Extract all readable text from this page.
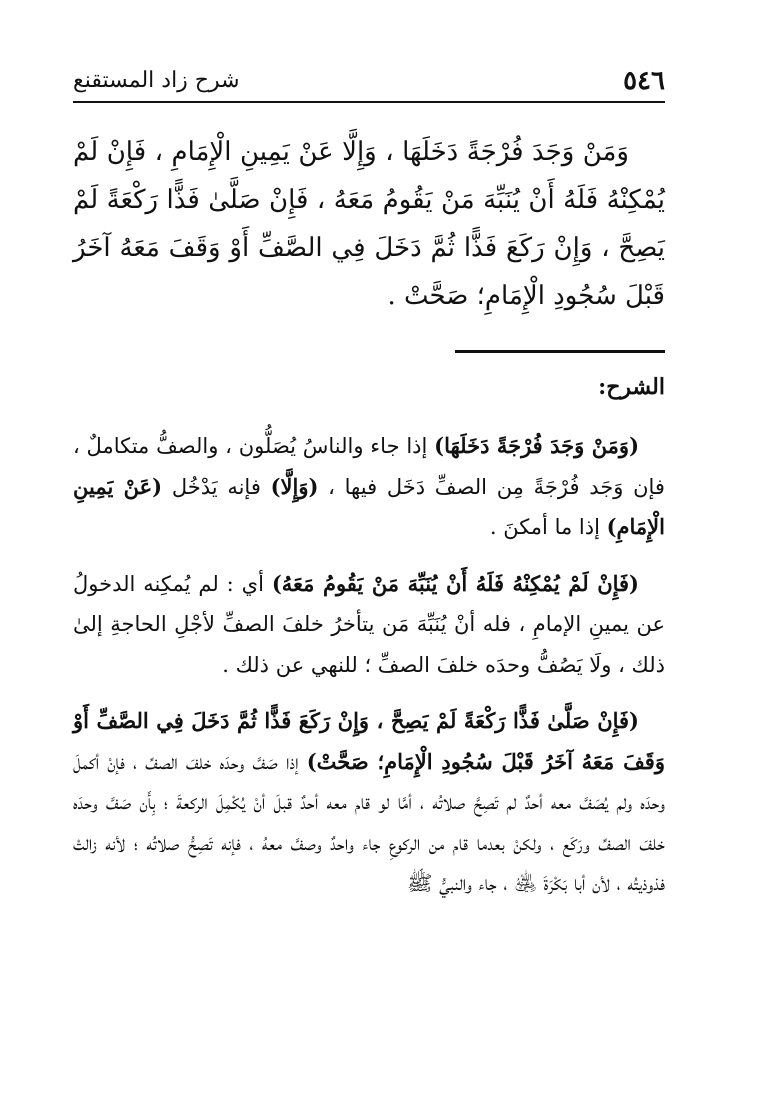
٥٤٦
شرح زاد المستقنع

وَمَنْ وَجَدَ فُرْجَةً دَخَلَهَا ، وَإِلَّا عَنْ يَمِينِ الْإِمَامِ ، فَإِنْ لَمْ يُمْكِنْهُ فَلَهُ أَنْ يُنَبِّهَ مَنْ يَقُومُ مَعَهُ ، فَإِنْ صَلَّىٰ فَذًّا رَكْعَةً لَمْ يَصِحَّ ، وَإِنْ رَكَعَ فَذًّا ثُمَّ دَخَلَ فِي الصَّفِّ أَوْ وَقَفَ مَعَهُ آخَرُ قَبْلَ سُجُودِ الْإِمَامِ؛ صَحَّتْ .

الشرح:

(وَمَنْ وَجَدَ فُرْجَةً دَخَلَهَا) إذا جاء والناسُ يُصَلُّون ، والصفُّ متكاملٌ ، فإن وَجَد فُرْجَةً مِن الصفِّ دَخَل فيها ، (وَإِلَّا) فإنه يَدْخُل (عَنْ يَمِينِ الْإِمَامِ) إذا ما أمكنَ .

(فَإِنْ لَمْ يُمْكِنْهُ فَلَهُ أَنْ يُنَبِّهَ مَنْ يَقُومُ مَعَهُ) أي : لم يُمكِنه الدخولُ عن يمينِ الإمامِ ، فله أنْ يُنَبِّهَ مَن يتأخرُ خلفَ الصفِّ لأجْلِ الحاجةِ إلىٰ ذلك ، ولَا يَصُفُّ وحدَه خلفَ الصفِّ ؛ للنهي عن ذلك .

(فَإِنْ صَلَّىٰ فَذًّا رَكْعَةً لَمْ يَصِحَّ ، وَإِنْ رَكَعَ فَذًّا ثُمَّ دَخَلَ فِي الصَّفِّ أَوْ وَقَفَ مَعَهُ آخَرُ قَبْلَ سُجُودِ الْإِمَامِ؛ صَحَّتْ) إذا صَفَّ وحدَه خلفَ الصفِّ ، فإنْ أكملَ وحدَه ولم يُصَفَّ معه أحدٌ لم تَصِحَّ صلاتُه ، أمَّا لو قام معه أحدٌ قبلَ أنْ يُكْمِلَ الركعةَ ؛ بِأَن صَفَّ وحدَه خلفَ الصفِّ ورَكَع ، ولكنْ بعدما قام من الركوعِ جاء واحدٌ وصفَّ معهُ ، فإنه تَصِحُّ صلاتُه ؛ لأنه زالتْ فذوذيتُه ، لأن أبا بَكْرَةَ ﵁ ، جاء والنبيُّ ﷺ
